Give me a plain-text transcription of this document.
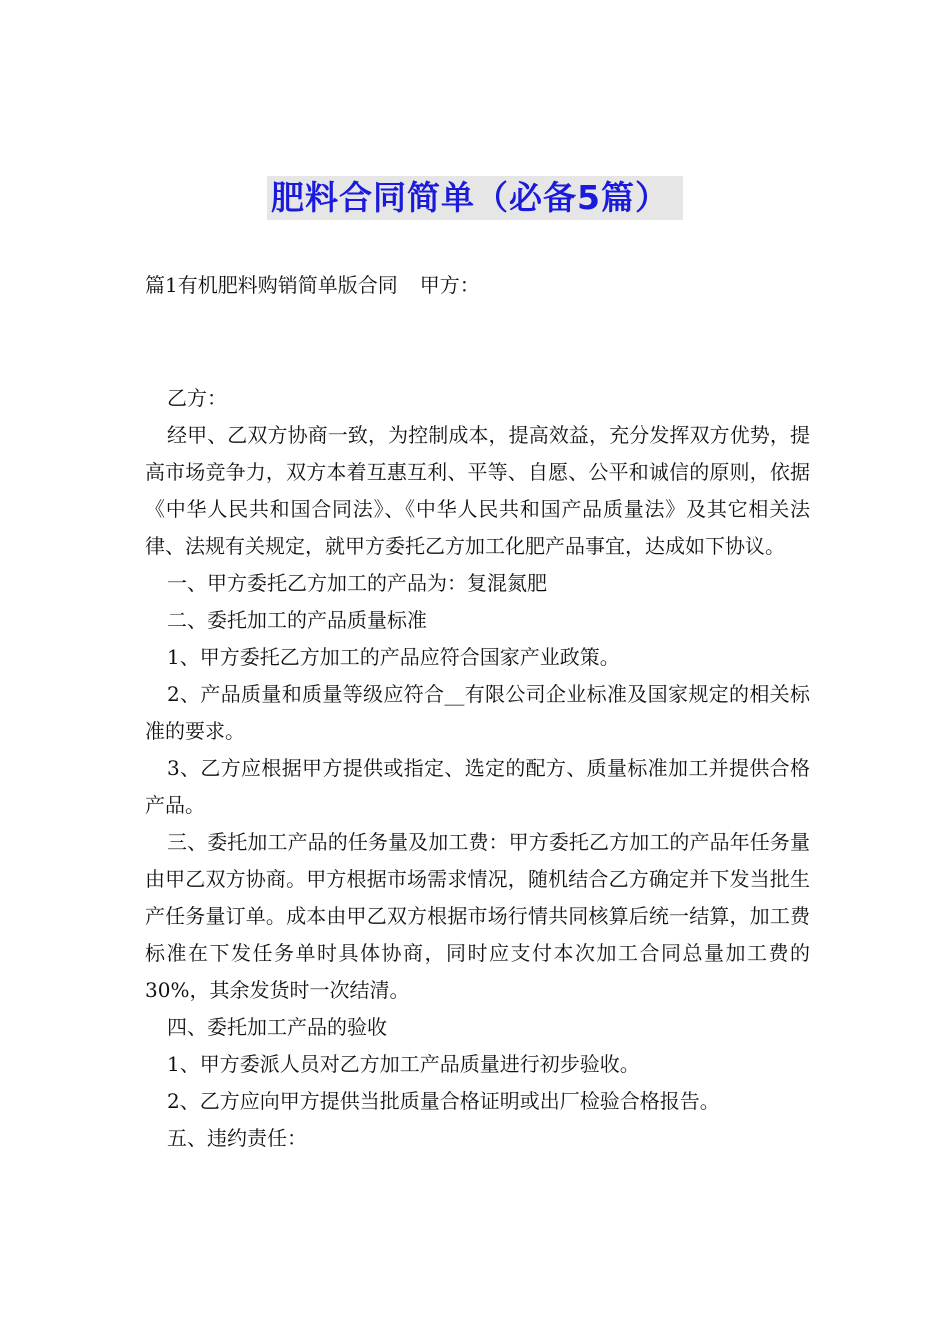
肥料合同简单（必备5篇）
篇1有机肥料购销简单版合同 甲方：

乙方：

经甲、乙双方协商一致，为控制成本，提高效益，充分发挥双方优势，提高市场竞争力，双方本着互惠互利、平等、自愿、公平和诚信的原则，依据《中华人民共和国合同法》、《中华人民共和国产品质量法》及其它相关法律、法规有关规定，就甲方委托乙方加工化肥产品事宜，达成如下协议。

一、甲方委托乙方加工的产品为：复混氮肥

二、委托加工的产品质量标准

1、甲方委托乙方加工的产品应符合国家产业政策。

2、产品质量和质量等级应符合__有限公司企业标准及国家规定的相关标准的要求。

3、乙方应根据甲方提供或指定、选定的配方、质量标准加工并提供合格产品。

三、委托加工产品的任务量及加工费：甲方委托乙方加工的产品年任务量由甲乙双方协商。甲方根据市场需求情况，随机结合乙方确定并下发当批生产任务量订单。成本由甲乙双方根据市场行情共同核算后统一结算，加工费标准在下发任务单时具体协商，同时应支付本次加工合同总量加工费的30%，其余发货时一次结清。

四、委托加工产品的验收

1、甲方委派人员对乙方加工产品质量进行初步验收。

2、乙方应向甲方提供当批质量合格证明或出厂检验合格报告。

五、违约责任：
